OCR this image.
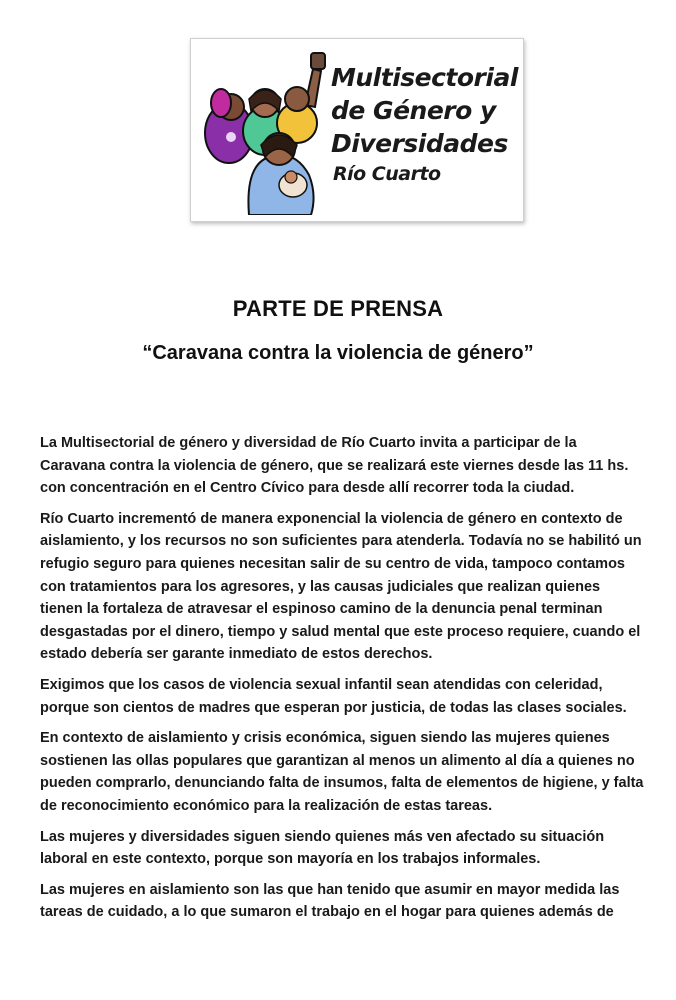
Multisectorial
de Género y
Diversidades
Río Cuarto
PARTE DE PRENSA
“Caravana contra la violencia de género”

La Multisectorial de género y diversidad de Río Cuarto invita a participar de la Caravana contra la violencia de género, que se realizará este viernes desde las 11 hs. con concentración en el Centro Cívico para desde allí recorrer toda la ciudad.

Río Cuarto incrementó de manera exponencial la violencia de género en contexto de aislamiento, y los recursos no son suficientes para atenderla. Todavía no se habilitó un refugio seguro para quienes necesitan salir de su centro de vida, tampoco contamos con tratamientos para los agresores, y las causas judiciales que realizan quienes tienen la fortaleza de atravesar el espinoso camino de la denuncia penal terminan desgastadas por el dinero, tiempo y salud mental que este proceso requiere, cuando el estado debería ser garante inmediato de estos derechos.

Exigimos que los casos de violencia sexual infantil sean atendidas con celeridad, porque son cientos de madres que esperan por justicia, de todas las clases sociales.

En contexto de aislamiento y crisis económica, siguen siendo las mujeres quienes sostienen las ollas populares que garantizan al menos un alimento al día a quienes no pueden comprarlo, denunciando falta de insumos, falta de elementos de higiene, y falta de reconocimiento económico para la realización de estas tareas.

Las mujeres y diversidades siguen siendo quienes más ven afectado su situación laboral en este contexto, porque son mayoría en los trabajos informales.

Las mujeres en aislamiento son las que han tenido que asumir en mayor medida las tareas de cuidado, a lo que sumaron el trabajo en el hogar para quienes además de
